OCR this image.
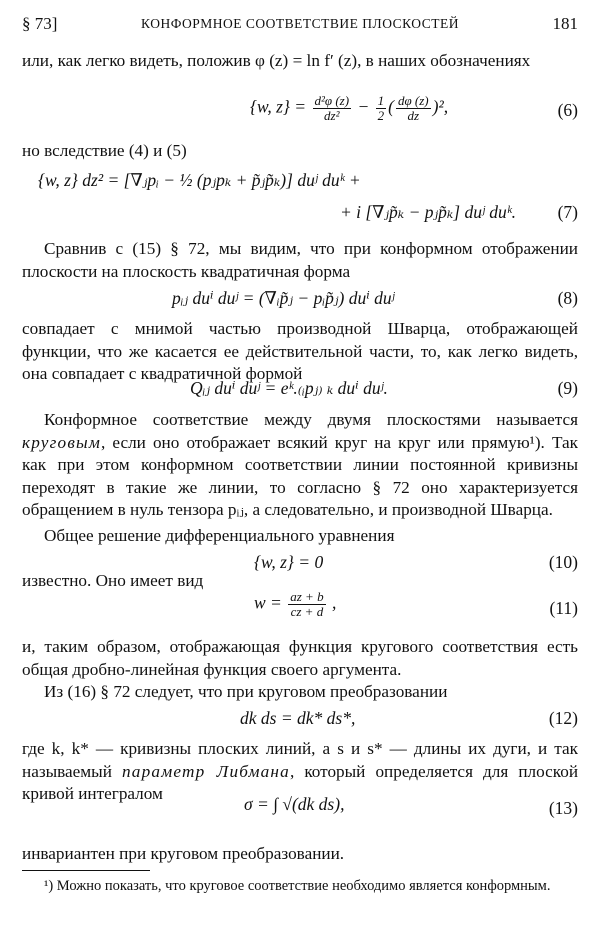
§ 73]	КОНФОРМНОЕ СООТВЕТСТВИЕ ПЛОСКОСТЕЙ	181
или, как легко видеть, положив φ (z) = ln f′ (z), в наших обозначениях
{w, $z\} = \frac{\text{d²φ (z)}}{\text{dz²}} - \frac{1}{2}$ ( $\frac{d\varphi (z)}{dz} )^2$,	(6)
но вследствие (4) и (5)
{w, z} dz² = [∇ⱼpᵢ − ½ (pⱼpₖ + p̃ⱼp̃ₖ)] duʲ duᵏ +
+ i [∇ⱼp̃ₖ − pⱼp̃ₖ] duʲ duᵏ. (7)
Сравнив с (15) § 72, мы видим, что при конформном отображении плоскости на плоскость квадратичная форма
pᵢⱼ duⁱ duʲ = (∇ᵢp̃ⱼ − pᵢp̃ⱼ) duⁱ duʲ	(8)
совпадает с мнимой частью производной Шварца, отображающей функции, что же касается ее действительной части, то, как легко видеть, она совпадает с квадратичной формой
Qᵢⱼ duⁱ duʲ = eᵏ.₍ᵢpⱼ₎ ₖ duⁱ duʲ.	(9)
Конформное соответствие между двумя плоскостями называется круговым, если оно отображает всякий круг на круг или прямую¹). Так как при этом конформном соответствии линии постоянной кривизны переходят в такие же линии, то согласно § 72 оно характеризуется обращением в нуль тензора pᵢⱼ, а следовательно, и производной Шварца.
Общее решение дифференциального уравнения
{w, z} = 0	(10)
известно. Оно имеет вид
$w = \frac{az + b}{cz + d}$ ,	(11)
и, таким образом, отображающая функция кругового соответствия есть общая дробно-линейная функция своего аргумента.
Из (16) § 72 следует, что при круговом преобразовании
dk ds = dk* ds*,	(12)
где k, k* — кривизны плоских линий, а s и s* — длины их дуги, и так называемый параметр Либмана, который определяется для плоской кривой интегралом
σ = ∫ √(dk ds),	(13)
инвариантен при круговом преобразовании.
¹) Можно показать, что круговое соответствие необходимо является конформным.
